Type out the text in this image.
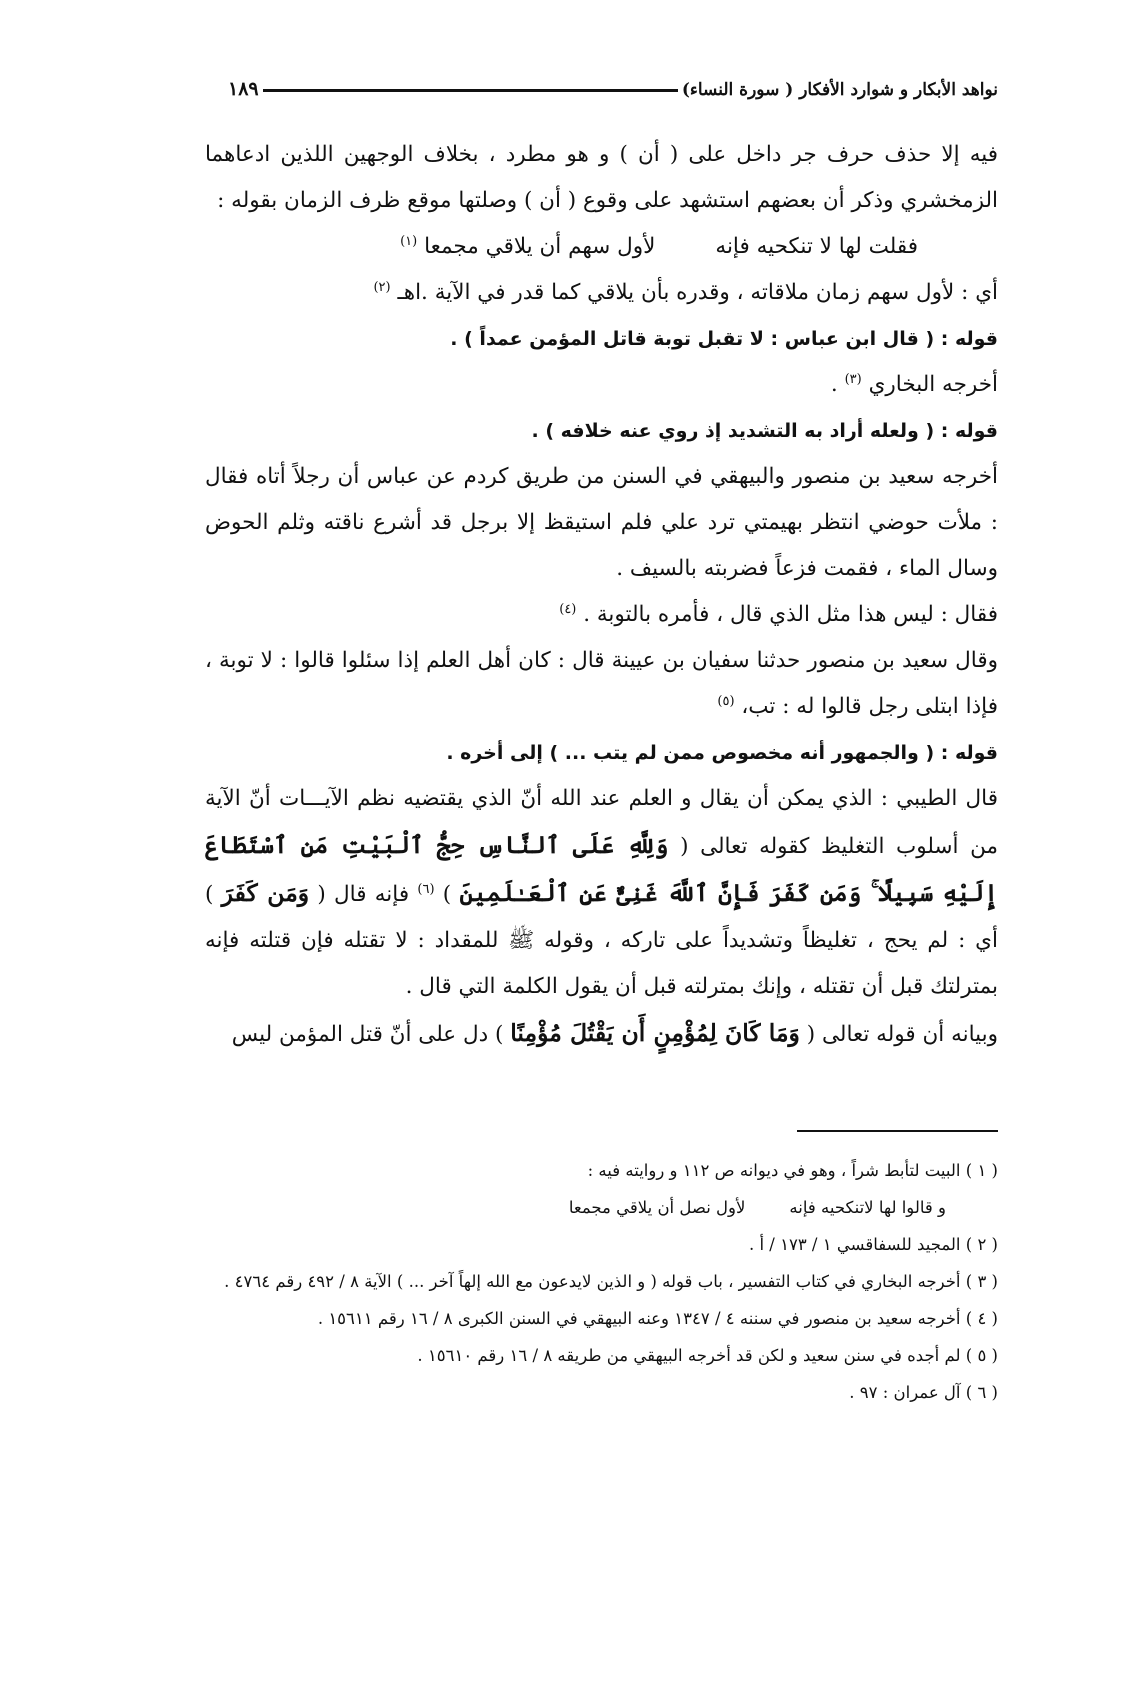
نواهد الأبكار و شوارد الأفكار ( سورة النساء)
١٨٩

فيه إلا حذف حرف جر داخل على ( أن ) و هو مطرد ، بخلاف الوجهين اللذين ادعاهما الزمخشري وذكر أن بعضهم استشهد على وقوع ( أن ) وصلتها موقع ظرف الزمان بقوله :

فقلت لها لا تنكحيه فإنه
لأول سهم أن يلاقي مجمعا $^{(١)}$

أي : لأول سهم زمان ملاقاته ، وقدره بأن يلاقي كما قدر في الآية .اهـ $^{(٢)}$

قوله : ( قال ابن عباس : لا تقبل توبة قاتل المؤمن عمداً ) .

أخرجه البخاري $^{(٣)}$ .

قوله : ( ولعله أراد به التشديد إذ روي عنه خلافه ) .

أخرجه سعيد بن منصور والبيهقي في السنن من طريق كردم عن عباس أن رجلاً أتاه فقال : ملأت حوضي انتظر بهيمتي ترد علي فلم استيقظ إلا برجل قد أشرع ناقته وثلم الحوض وسال الماء ، فقمت فزعاً فضربته بالسيف .

فقال : ليس هذا مثل الذي قال ، فأمره بالتوبة . $^{(٤)}$

وقال سعيد بن منصور حدثنا سفيان بن عيينة قال : كان أهل العلم إذا سئلوا قالوا : لا توبة ، فإذا ابتلى رجل قالوا له : تب، $^{(٥)}$

قوله : ( والجمهور أنه مخصوص ممن لم يتب ... ) إلى أخره .

قال الطيبي : الذي يمكن أن يقال و العلم عند الله أنّ الذي يقتضيه نظم الآيـــات أنّ الآية من أسلوب التغليظ كقوله تعالى ( وَلِلَّهِ عَلَى ٱلنَّاسِ حِجُّ ٱلْبَيْتِ مَنِ ٱسْتَطَاعَ إِلَيْهِ سَبِيلًا ۚ وَمَن كَفَرَ فَإِنَّ ٱللَّهَ غَنِىٌّ عَنِ ٱلْعَـٰلَمِينَ ) $^{(٦)}$ فإنه قال ( وَمَن كَفَرَ ) أي : لم يحج ، تغليظاً وتشديداً على تاركه ، وقوله ﷺ للمقداد : لا تقتله فإن قتلته فإنه بمترلتك قبل أن تقتله ، وإنك بمترلته قبل أن يقول الكلمة التي قال .

وبيانه أن قوله تعالى ( وَمَا كَانَ لِمُؤْمِنٍ أَن يَقْتُلَ مُؤْمِنًا ) دل على أنّ قتل المؤمن ليس

( ١ ) البيت لتأبط شراً ، وهو في ديوانه ص ١١٢ و روايته فيه :

و قالوا لها لاتنكحيه فإنه
لأول نصل أن يلاقي مجمعا

( ٢ ) المجيد للسفاقسي ١ / ١٧٣ / أ .

( ٣ ) أخرجه البخاري في كتاب التفسير ، باب قوله ( و الذين لايدعون مع الله إلهاً آخر ... ) الآية ٨ / ٤٩٢ رقم ٤٧٦٤ .

( ٤ ) أخرجه سعيد بن منصور في سننه ٤ / ١٣٤٧ وعنه البيهقي في السنن الكبرى ٨ / ١٦ رقم ١٥٦١١ .

( ٥ ) لم أجده في سنن سعيد و لكن قد أخرجه البيهقي من طريقه ٨ / ١٦ رقم ١٥٦١٠ .

( ٦ ) آل عمران : ٩٧ .
